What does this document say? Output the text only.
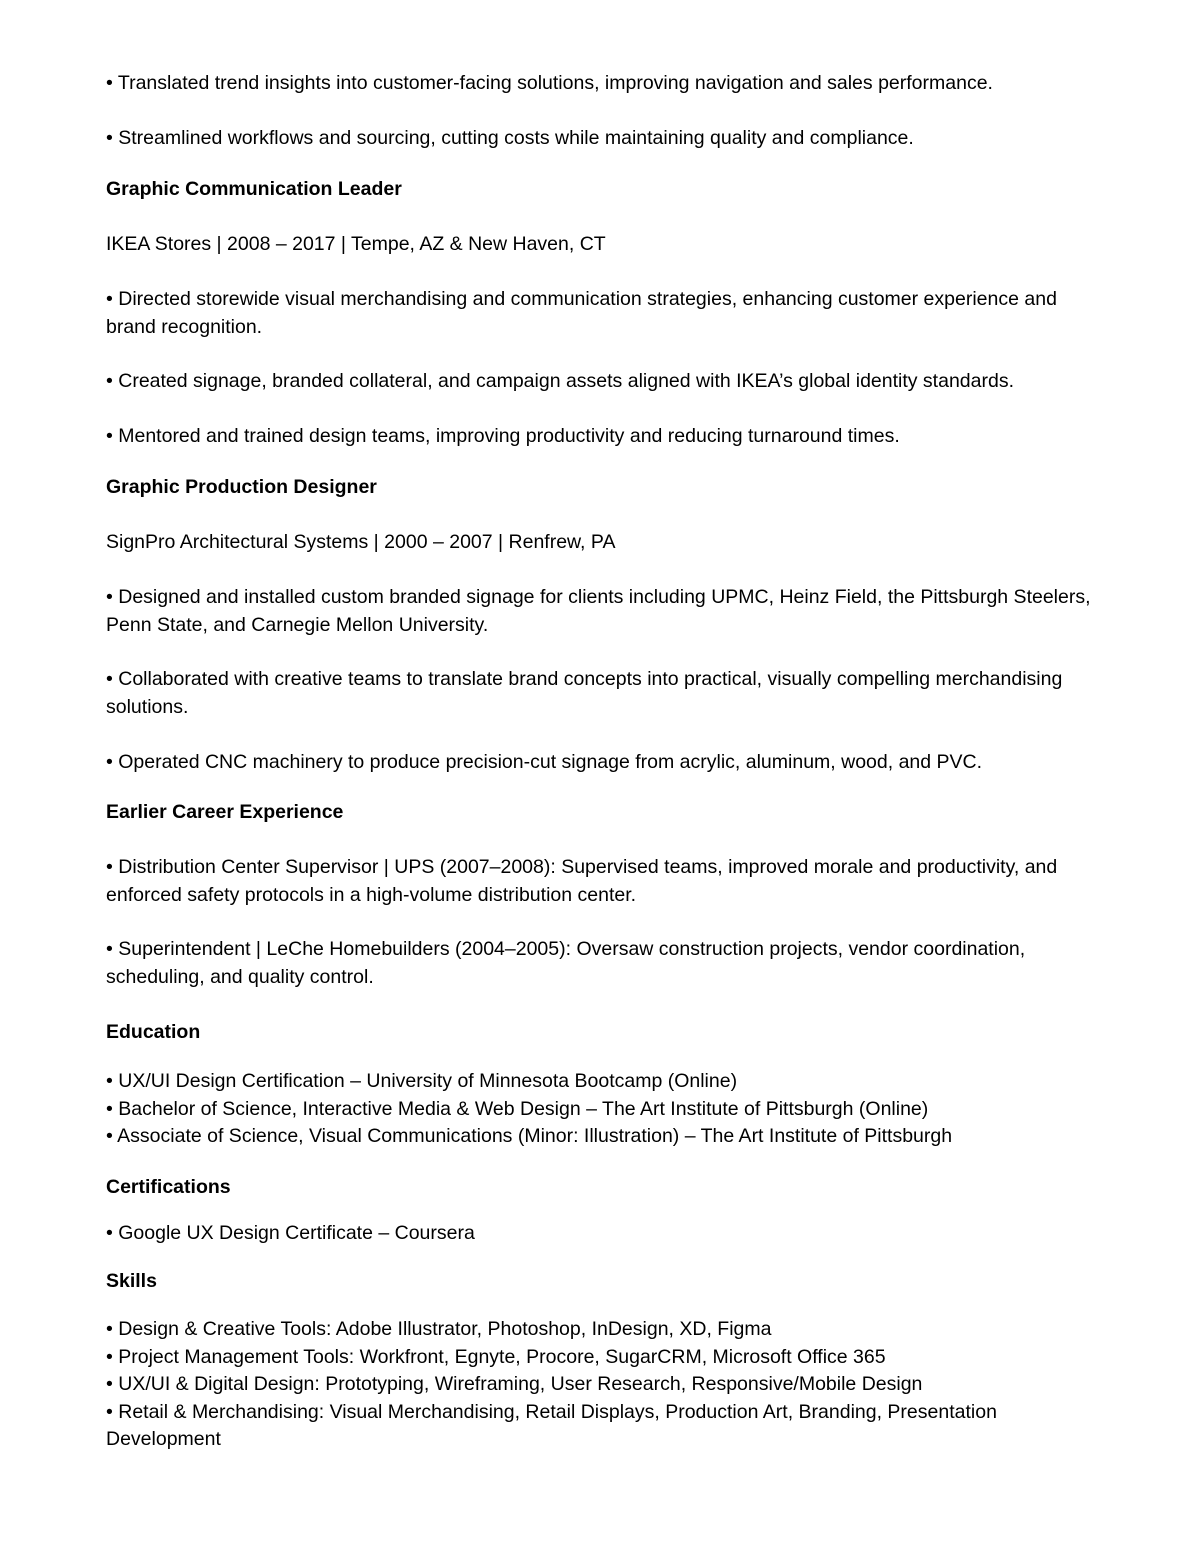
• Translated trend insights into customer-facing solutions, improving navigation and sales performance.
• Streamlined workflows and sourcing, cutting costs while maintaining quality and compliance.
Graphic Communication Leader
IKEA Stores | 2008 – 2017 | Tempe, AZ & New Haven, CT
• Directed storewide visual merchandising and communication strategies, enhancing customer experience and brand recognition.
• Created signage, branded collateral, and campaign assets aligned with IKEA’s global identity standards.
• Mentored and trained design teams, improving productivity and reducing turnaround times.
Graphic Production Designer
SignPro Architectural Systems | 2000 – 2007 | Renfrew, PA
• Designed and installed custom branded signage for clients including UPMC, Heinz Field, the Pittsburgh Steelers, Penn State, and Carnegie Mellon University.
• Collaborated with creative teams to translate brand concepts into practical, visually compelling merchandising solutions.
• Operated CNC machinery to produce precision-cut signage from acrylic, aluminum, wood, and PVC.
Earlier Career Experience
• Distribution Center Supervisor | UPS (2007–2008): Supervised teams, improved morale and productivity, and enforced safety protocols in a high-volume distribution center.
• Superintendent | LeChe Homebuilders (2004–2005): Oversaw construction projects, vendor coordination, scheduling, and quality control.
Education
• UX/UI Design Certification – University of Minnesota Bootcamp (Online)
• Bachelor of Science, Interactive Media & Web Design – The Art Institute of Pittsburgh (Online)
• Associate of Science, Visual Communications (Minor: Illustration) – The Art Institute of Pittsburgh
Certifications
• Google UX Design Certificate – Coursera
Skills
• Design & Creative Tools: Adobe Illustrator, Photoshop, InDesign, XD, Figma
• Project Management Tools: Workfront, Egnyte, Procore, SugarCRM, Microsoft Office 365
• UX/UI & Digital Design: Prototyping, Wireframing, User Research, Responsive/Mobile Design
• Retail & Merchandising: Visual Merchandising, Retail Displays, Production Art, Branding, Presentation Development
